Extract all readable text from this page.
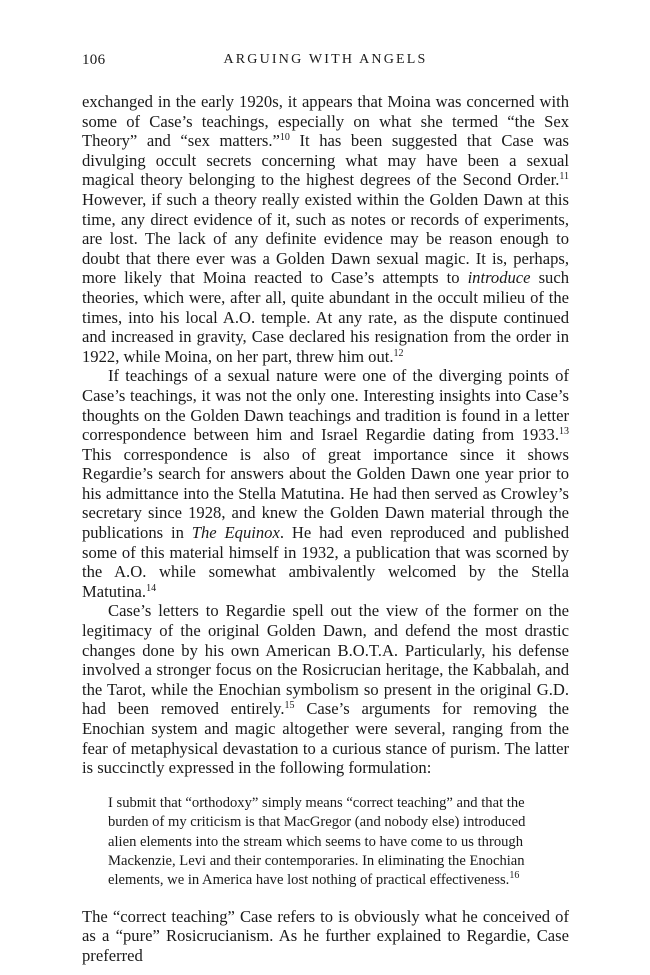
106	ARGUING WITH ANGELS

exchanged in the early 1920s, it appears that Moina was concerned with some of Case’s teachings, especially on what she termed “the Sex Theory” and “sex matters.”$^{10}$ It has been suggested that Case was divulging occult secrets concerning what may have been a sexual magical theory belonging to the highest degrees of the Second Order.$^{11}$ However, if such a theory really existed within the Golden Dawn at this time, any direct evidence of it, such as notes or records of experiments, are lost. The lack of any definite evidence may be reason enough to doubt that there ever was a Golden Dawn sexual magic. It is, perhaps, more likely that Moina reacted to Case’s attempts to introduce such theories, which were, after all, quite abundant in the occult milieu of the times, into his local A.O. temple. At any rate, as the dispute continued and increased in gravity, Case declared his resignation from the order in 1922, while Moina, on her part, threw him out.$^{12}$

If teachings of a sexual nature were one of the diverging points of Case’s teachings, it was not the only one. Interesting insights into Case’s thoughts on the Golden Dawn teachings and tradition is found in a letter correspondence between him and Israel Regardie dating from 1933.13 This correspondence is also of great importance since it shows Regardie’s search for answers about the Golden Dawn one year prior to his admittance into the Stella Matutina. He had then served as Crowley’s secretary since 1928, and knew the Golden Dawn material through the publications in The Equinox. He had even reproduced and published some of this material himself in 1932, a publication that was scorned by the A.O. while somewhat ambivalently welcomed by the Stella Matutina.$^{14}$

Case’s letters to Regardie spell out the view of the former on the legitimacy of the original Golden Dawn, and defend the most drastic changes done by his own American B.O.T.A. Particularly, his defense involved a stronger focus on the Rosicrucian heritage, the Kabbalah, and the Tarot, while the Enochian symbolism so present in the original G.D. had been removed entirely.$^{15}$ Case’s arguments for removing the Enochian system and magic altogether were several, ranging from the fear of metaphysical devastation to a curious stance of purism. The latter is succinctly expressed in the following formulation:

I submit that “orthodoxy” simply means “correct teaching” and that the burden of my criticism is that MacGregor (and nobody else) introduced alien elements into the stream which seems to have come to us through Mackenzie, Levi and their contemporaries. In eliminating the Enochian elements, we in America have lost nothing of practical effectiveness.$^{16}$

The “correct teaching” Case refers to is obviously what he conceived of as a “pure” Rosicrucianism. As he further explained to Regardie, Case preferred
